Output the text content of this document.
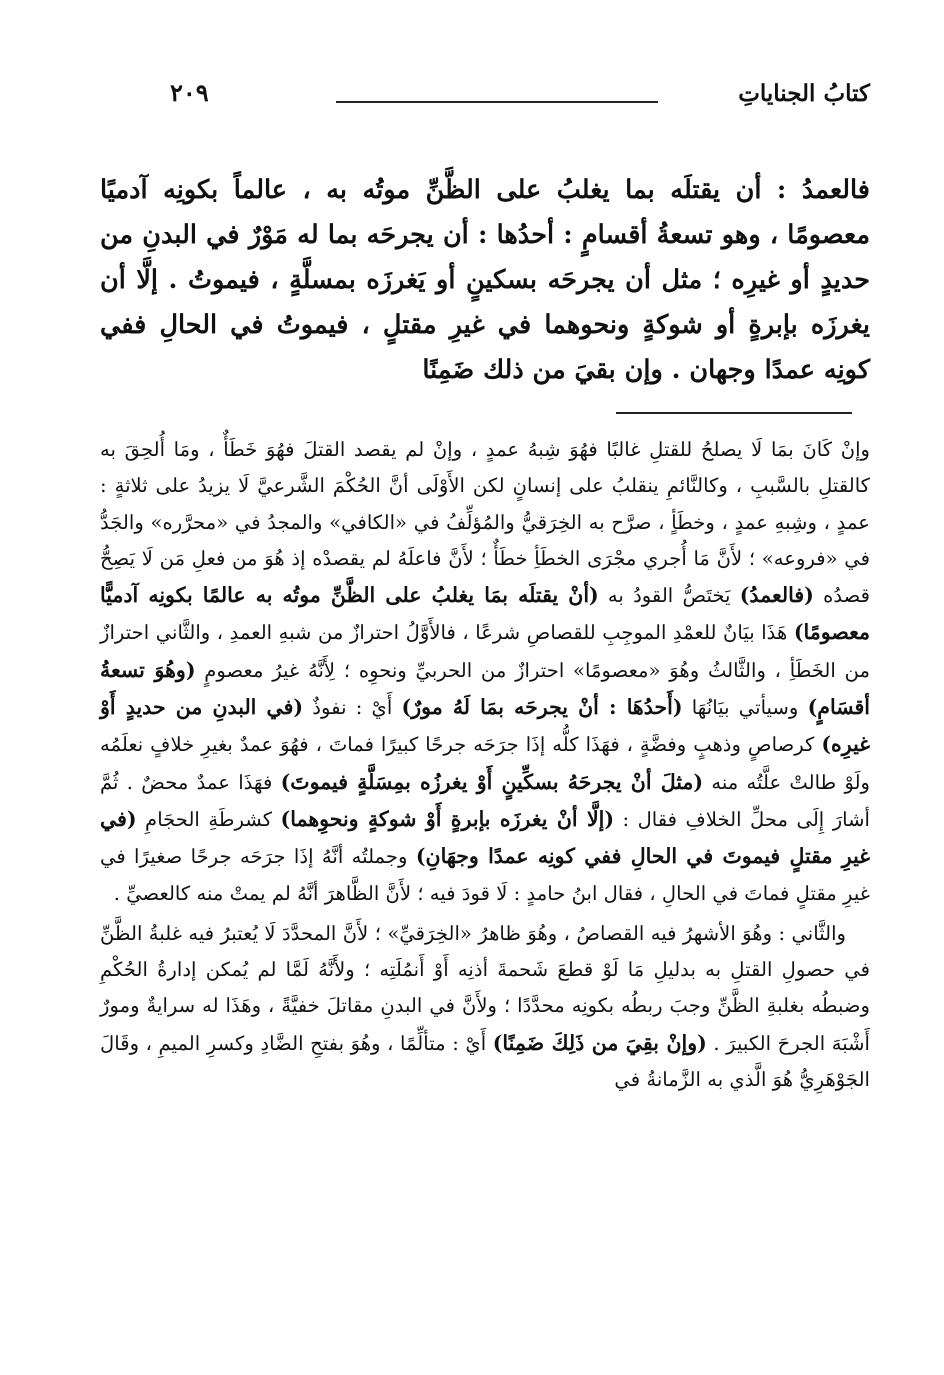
كتابُ الجناياتِ
٢٠٩
فالعمدُ : أن يقتلَه بما يغلبُ على الظَّنِّ موتُه به ، عالماً بكونِه آدميًا معصومًا ، وهو تسعةُ أقسامٍ : أحدُها : أن يجرحَه بما له مَوْرٌ في البدنِ من حديدٍ أو غيرِه ؛ مثل أن يجرحَه بسكينٍ أو يَغرزَه بمسلَّةٍ ، فيموتُ . إلَّا أن يغرزَه بإبرةٍ أو شوكةٍ ونحوهما في غيرِ مقتلٍ ، فيموتُ في الحالِ ففي كونِه عمدًا وجهان . وإن بقيَ من ذلك ضَمِنًا

وإنْ كَانَ بمَا لَا يصلحُ للقتلِ غالبًا فهُوَ شِبهُ عمدٍ ، وإنْ لم يقصد القتلَ فهُوَ خَطَأٌ ، ومَا أُلحِقَ به كالقتلِ بالسَّببِ ، وكالنَّائمِ ينقلبُ على إنسانٍ لكن الأَوْلَى أنَّ الحُكْمَ الشَّرعيَّ لَا يزيدُ على ثلاثةٍ : عمدٍ ، وشِبهِ عمدٍ ، وخطَأٍ ، صرَّح به الخِرَقيُّ والمُؤلِّفُ في «الكافي» والمجدُ في «محرَّره» والجَدُّ في «فروعه» ؛ لأَنَّ مَا أُجري مجْرَى الخطَأِ خطَأٌ ؛ لأَنَّ فاعلَهُ لم يقصدْه إذ هُوَ من فعلِ مَن لَا يَصِحُّ قصدُه (فالعمدُ) يَختَصُّ القودُ به (أنْ يقتلَه بمَا يغلبُ على الظَّنِّ موتُه به عالمًا بكونِه آدميًّا معصومًا) هَذَا بيَانٌ للعمْدِ الموجِبِ للقصاصِ شرعًا ، فالأَوَّلُ احترازٌ من شبهِ العمدِ ، والثَّاني احترازٌ من الخَطَأِ ، والثَّالثُ وهُوَ «معصومًا» احترازٌ من الحربيِّ ونحوِه ؛ لِأَنَّهُ غيرُ معصومٍ (وهُوَ تسعةُ أقسَامٍ) وسيأتي بيَانُهَا (أَحدُهَا : أنْ يجرحَه بمَا لَهُ مورٌ) أَيْ : نفوذٌ (في البدنِ من حديدٍ أَوْ غيرِه) كرصاصٍ وذهبٍ وفضَّةٍ ، فهَذَا كلُّه إذَا جرَحَه جرحًا كبيرًا فماتَ ، فهُوَ عمدٌ بغيرِ خلافٍ نعلَمُه ولَوْ طالتْ علَّتُه منه (مثلَ أنْ يجرحَهُ بسكِّينٍ أَوْ يغرزُه بمِسَلَّةٍ فيموتَ) فهَذَا عمدٌ محضٌ . ثُمَّ أشارَ إِلَى محلِّ الخلافِ فقال : (إلَّا أنْ يغرزَه بإبرةٍ أَوْ شوكةٍ ونحوِهما) كشرطَةِ الحجَامِ (في غيرِ مقتلٍ فيموتَ في الحالِ ففي كونِه عمدًا وجهَانِ) وجملتُه أنَّهُ إذَا جرَحَه جرحًا صغيرًا في غيرِ مقتلٍ فماتَ في الحالِ ، فقال ابنُ حامدٍ : لَا قودَ فيه ؛ لأَنَّ الظَّاهرَ أنَّهُ لم يمتْ منه كالعصيِّ .

والثَّاني : وهُوَ الأشهرُ فيه القصاصُ ، وهُوَ ظاهرُ «الخِرَقيِّ» ؛ لأَنَّ المحدَّدَ لَا يُعتبرُ فيه غلبةُ الظَّنِّ في حصولِ القتلِ به بدليلِ مَا لَوْ قطعَ شَحمةَ أذنِه أَوْ أَنمُلَتِه ؛ ولأَنَّهُ لَمَّا لم يُمكن إدارةُ الحُكْمِ وضبطُه بغلبةِ الظَّنِّ وجبَ ربطُه بكونِه محدَّدًا ؛ ولأَنَّ في البدنِ مقاتلَ خفيَّةً ، وهَذَا له سرايةٌ ومورٌ أَشْبَهَ الجرحَ الكبيرَ . (وإنْ بقِيَ من ذَلِكَ ضَمِنًا) أَيْ : متألِّمًا ، وهُوَ بفتحِ الضَّادِ وكسرِ الميمِ ، وقَالَ الجَوْهَرِيُّ هُوَ الَّذي به الزَّمانةُ في
